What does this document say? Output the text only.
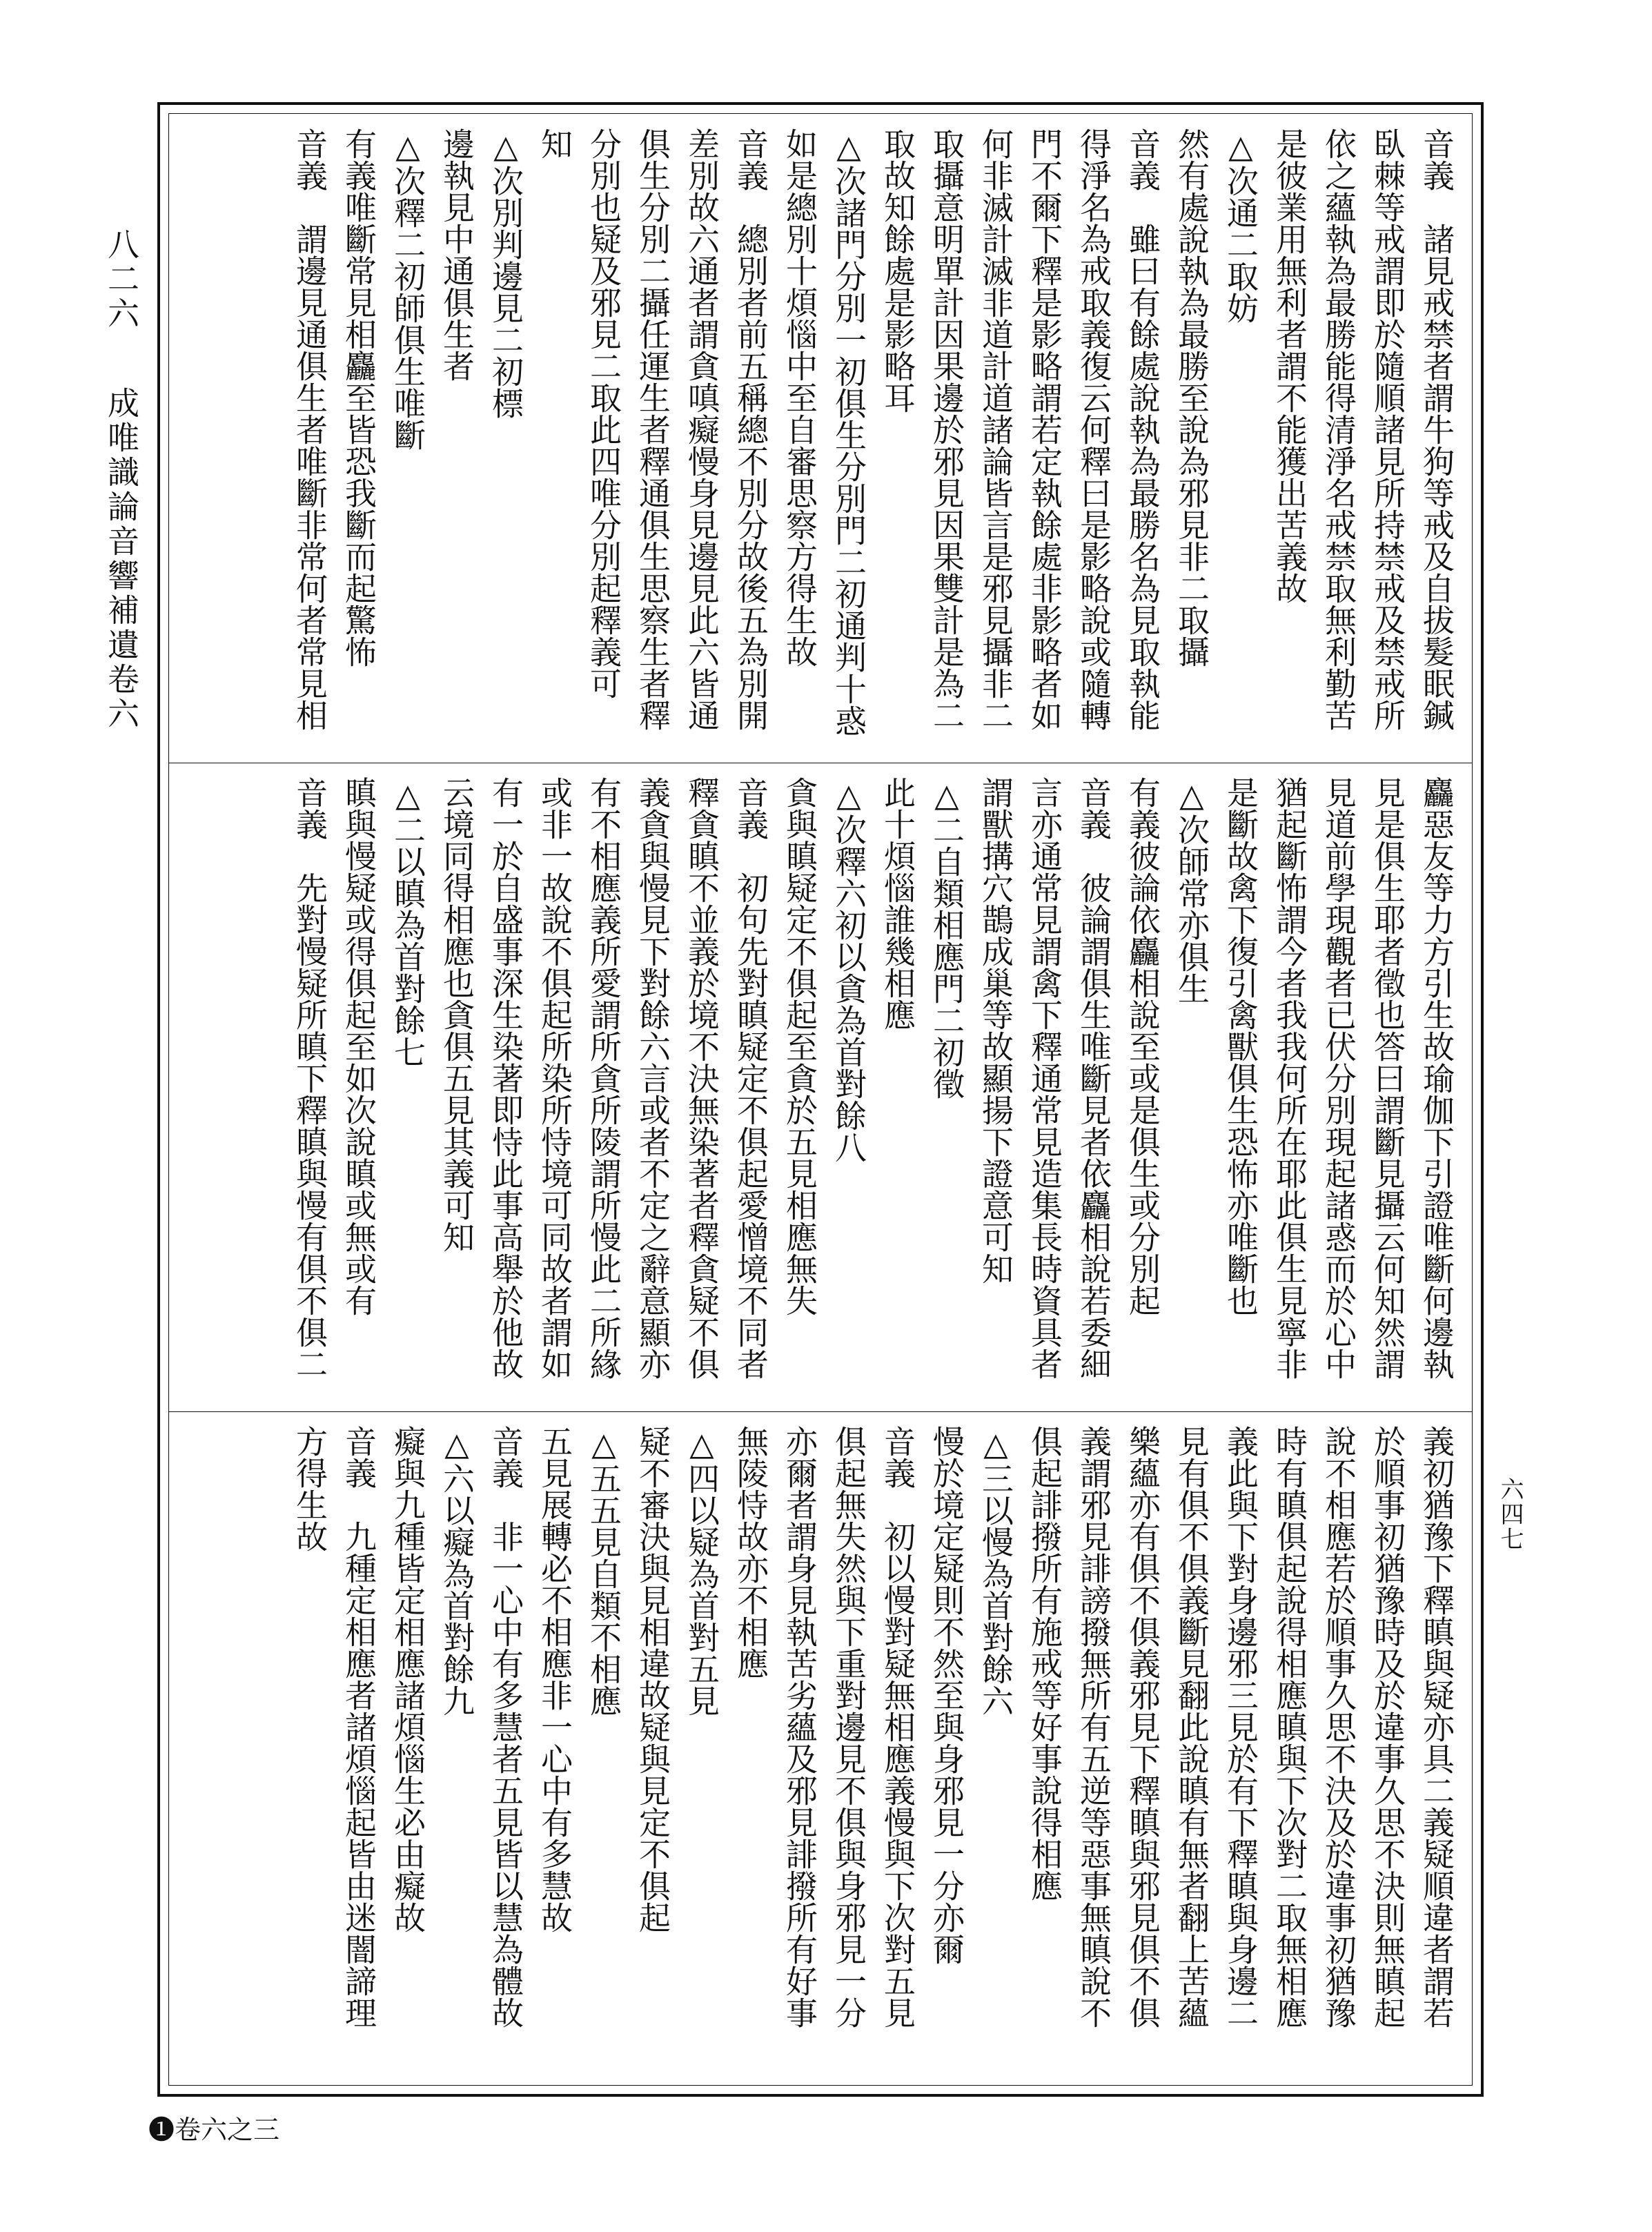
八二六
成唯識論音響補遺卷六	音義　諸見戒禁者謂牛狗等戒及自拔髮眠鍼
臥棘等戒謂即於隨順諸見所持禁戒及禁戒所
依之蘊執為最勝能得清淨名戒禁取無利勤苦
是彼業用無利者謂不能獲出苦義故
△次通二取妨
然有處說執為最勝至說為邪見非二取攝
音義　雖曰有餘處說執為最勝名為見取執能
得淨名為戒取義復云何釋曰是影略說或隨轉
門不爾下釋是影略謂若定執餘處非影略者如
何非滅計滅非道計道諸論皆言是邪見攝非二
取攝意明單計因果邊於邪見因果雙計是為二
取故知餘處是影略耳
△次諸門分別一初俱生分別門二初通判十惑
如是總別十煩惱中至自審思察方得生故
音義　總別者前五稱總不別分故後五為別開
差別故六通者謂貪嗔癡慢身見邊見此六皆通
俱生分別二攝任運生者釋通俱生思察生者釋
分別也疑及邪見二取此四唯分別起釋義可
知
△次別判邊見二初標
邊執見中通俱生者
△次釋二初師俱生唯斷
有義唯斷常見相麤至皆恐我斷而起驚怖
音義　謂邊見通俱生者唯斷非常何者常見相
麤惡友等力方引生故瑜伽下引證唯斷何邊執
見是俱生耶者徵也答曰謂斷見攝云何知然謂
見道前學現觀者已伏分別現起諸惑而於心中
猶起斷怖謂今者我我何所在耶此俱生見寧非
是斷故禽下復引禽獸俱生恐怖亦唯斷也
△次師常亦俱生
有義彼論依麤相說至或是俱生或分別起
音義　彼論謂俱生唯斷見者依麤相說若委細
言亦通常見謂禽下釋通常見造集長時資具者
謂獸搆穴鵲成巢等故顯揚下證意可知
△二自類相應門二初徵
此十煩惱誰幾相應
△次釋六初以貪為首對餘八
貪與瞋疑定不俱起至貪於五見相應無失
音義　初句先對瞋疑定不俱起愛憎境不同者
釋貪瞋不並義於境不決無染著者釋貪疑不俱
義貪與慢見下對餘六言或者不定之辭意顯亦
有不相應義所愛謂所貪所陵謂所慢此二所緣
或非一故說不俱起所染所恃境可同故者謂如
有一於自盛事深生染著即恃此事高舉於他故
云境同得相應也貪俱五見其義可知
△二以瞋為首對餘七
瞋與慢疑或得俱起至如次說瞋或無或有
音義　先對慢疑所瞋下釋瞋與慢有俱不俱二
義初猶豫下釋瞋與疑亦具二義疑順違者謂若
於順事初猶豫時及於違事久思不決則無瞋起
說不相應若於順事久思不決及於違事初猶豫
時有瞋俱起說得相應瞋與下次對二取無相應
義此與下對身邊邪三見於有下釋瞋與身邊二
見有俱不俱義斷見翻此說瞋有無者翻上苦蘊
樂蘊亦有俱不俱義邪見下釋瞋與邪見俱不俱
義謂邪見誹謗撥無所有五逆等惡事無瞋說不
俱起誹撥所有施戒等好事說得相應
△三以慢為首對餘六
慢於境定疑則不然至與身邪見一分亦爾
音義　初以慢對疑無相應義慢與下次對五見
俱起無失然與下重對邊見不俱與身邪見一分
亦爾者謂身見執苦劣蘊及邪見誹撥所有好事
無陵恃故亦不相應
△四以疑為首對五見
疑不審決與見相違故疑與見定不俱起
△五五見自類不相應
五見展轉必不相應非一心中有多慧故
音義　非一心中有多慧者五見皆以慧為體故
△六以癡為首對餘九
癡與九種皆定相應諸煩惱生必由癡故
音義　九種定相應者諸煩惱起皆由迷闇諦理
方得生故	六四七
❶卷六之三
